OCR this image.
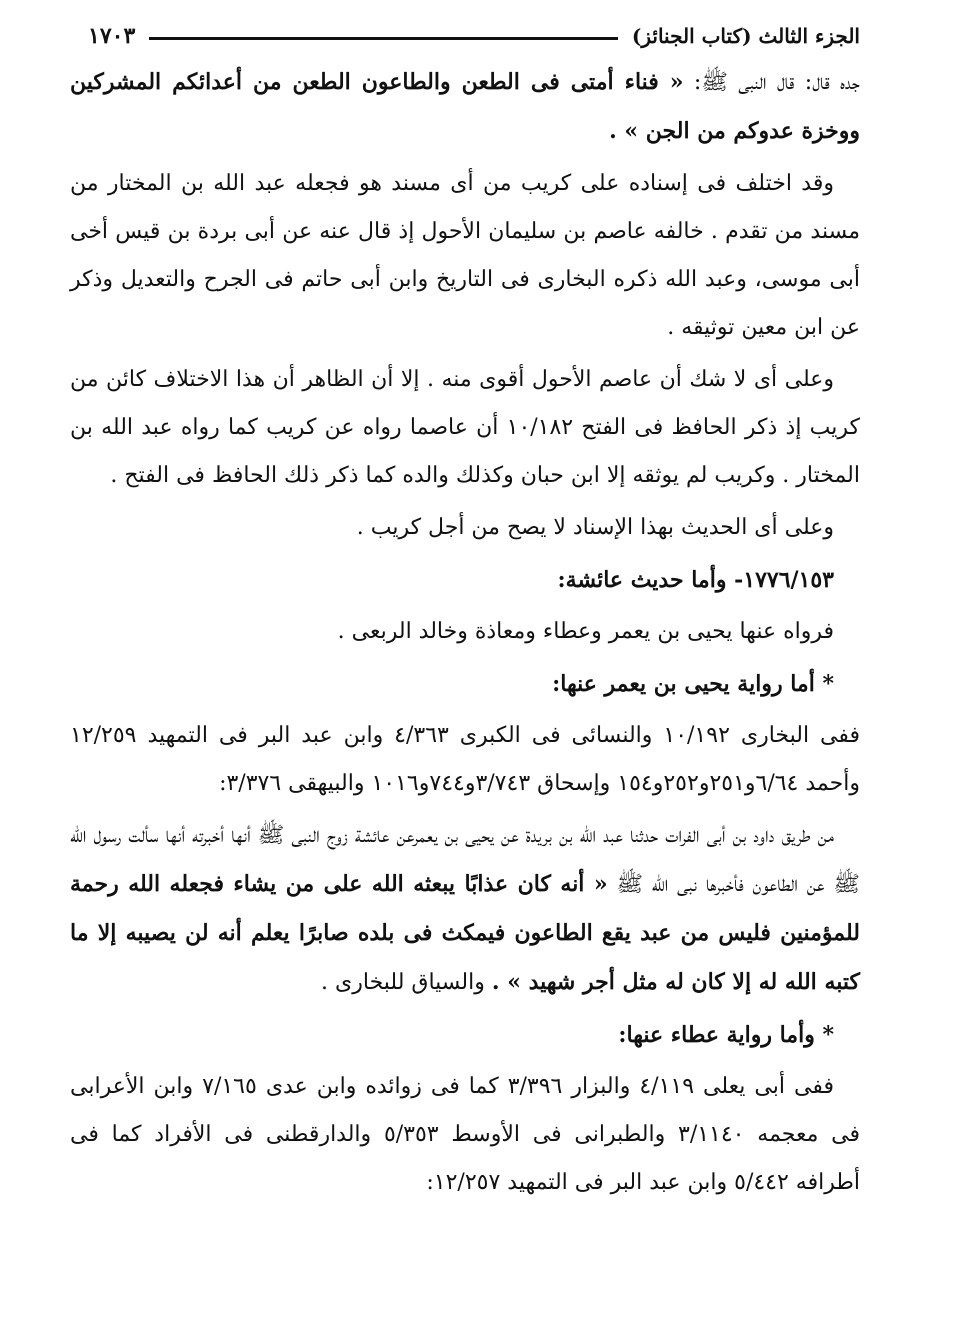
الجزء الثالث (كتاب الجنائز)
١٧٠٣

جده قال: قال النبى ﷺ: « فناء أمتى فى الطعن والطاعون الطعن من أعدائكم المشركين ووخزة عدوكم من الجن » .

وقد اختلف فى إسناده على كريب من أى مسند هو فجعله عبد الله بن المختار من مسند من تقدم . خالفه عاصم بن سليمان الأحول إذ قال عنه عن أبى بردة بن قيس أخى أبى موسى، وعبد الله ذكره البخارى فى التاريخ وابن أبى حاتم فى الجرح والتعديل وذكر عن ابن معين توثيقه .

وعلى أى لا شك أن عاصم الأحول أقوى منه . إلا أن الظاهر أن هذا الاختلاف كائن من كريب إذ ذكر الحافظ فى الفتح ١٠/١٨٢ أن عاصما رواه عن كريب كما رواه عبد الله بن المختار . وكريب لم يوثقه إلا ابن حبان وكذلك والده كما ذكر ذلك الحافظ فى الفتح .

وعلى أى الحديث بهذا الإسناد لا يصح من أجل كريب .

١٧٧٦/١٥٣- وأما حديث عائشة:

فرواه عنها يحيى بن يعمر وعطاء ومعاذة وخالد الربعى .

* أما رواية يحيى بن يعمر عنها:

ففى البخارى ١٠/١٩٢ والنسائى فى الكبرى ٤/٣٦٣ وابن عبد البر فى التمهيد ١٢/٢٥٩ وأحمد ٦/٦٤و٢٥١و٢٥٢و١٥٤ وإسحاق ٣/٧٤٣و٧٤٤و١٠١٦ والبيهقى ٣/٣٧٦:

من طريق داود بن أبى الفرات حدثنا عبد الله بن بريدة عن يحيى بن يعمرعن عائشة زوج النبى ﷺ أنها أخبرته أنها سألت رسول الله ﷺ عن الطاعون فأخبرها نبى الله ﷺ « أنه كان عذابًا يبعثه الله على من يشاء فجعله الله رحمة للمؤمنين فليس من عبد يقع الطاعون فيمكث فى بلده صابرًا يعلم أنه لن يصيبه إلا ما كتبه الله له إلا كان له مثل أجر شهيد » . والسياق للبخارى .

* وأما رواية عطاء عنها:

ففى أبى يعلى ٤/١١٩ والبزار ٣/٣٩٦ كما فى زوائده وابن عدى ٧/١٦٥ وابن الأعرابى فى معجمه ٣/١١٤٠ والطبرانى فى الأوسط ٥/٣٥٣ والدارقطنى فى الأفراد كما فى أطرافه ٥/٤٤٢ وابن عبد البر فى التمهيد ١٢/٢٥٧:
